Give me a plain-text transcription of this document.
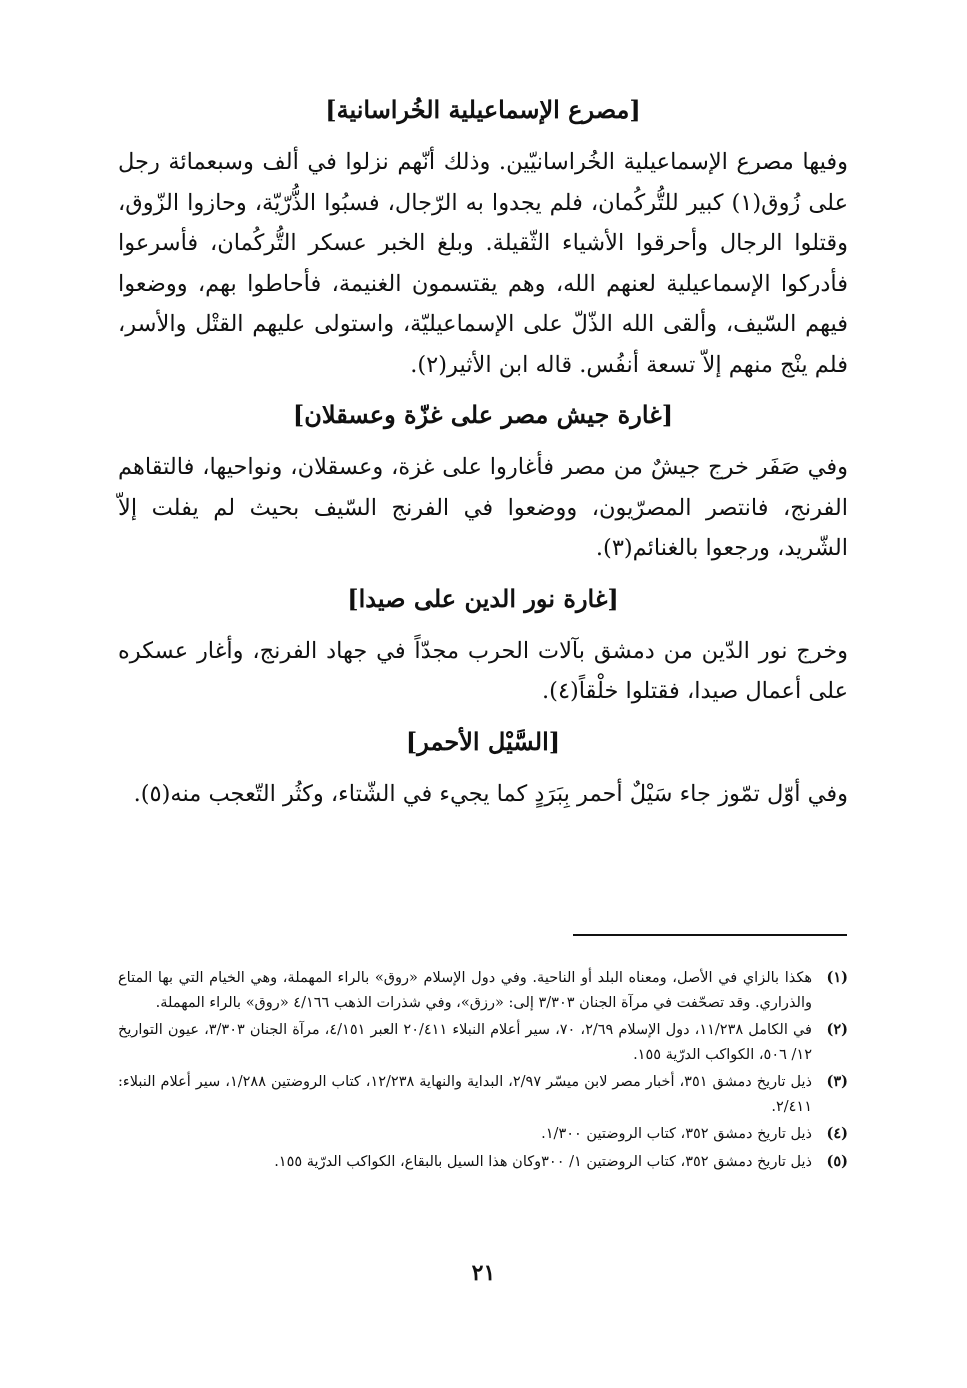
[مصرع الإسماعيلية الخُراسانية]

وفيها مصرع الإسماعيلية الخُراسانيّين. وذلك أنّهم نزلوا في ألف وسبعمائة رجل على زُوق(١) كبير للتُّركُمان، فلم يجدوا به الرّجال، فسبُوا الذُّرّيّة، وحازوا الزّوق، وقتلوا الرجال وأحرقوا الأشياء الثّقيلة. وبلغ الخبر عسكر التُّركُمان، فأسرعوا فأدركوا الإسماعيلية لعنهم الله، وهم يقتسمون الغنيمة، فأحاطوا بهم، ووضعوا فيهم السّيف، وألقى الله الذّلّ على الإسماعيليّة، واستولى عليهم القتْل والأسر، فلم ينْج منهم إلاّ تسعة أنفُس. قاله ابن الأثير(٢).

[غارة جيش مصر على غزّة وعسقلان]

وفي صَفَر خرج جيشٌ من مصر فأغاروا على غزة، وعسقلان، ونواحيها، فالتقاهم الفرنج، فانتصر المصرّيون، ووضعوا في الفرنج السّيف بحيث لم يفلت إلاّ الشّريد، ورجعوا بالغنائم(٣).

[غارة نور الدين على صيدا]

وخرج نور الدّين من دمشق بآلات الحرب مجدّاً في جهاد الفرنج، وأغار عسكره على أعمال صيدا، فقتلوا خلْقاً(٤).

[السَّيْل الأحمر]

وفي أوّل تمّوز جاء سَيْلٌ أحمر بِبَرَدٍ كما يجيء في الشّتاء، وكثُر التّعجب منه(٥).

(١)
هكذا بالزاي في الأصل، ومعناه البلد أو الناحية. وفي دول الإسلام «روق» بالراء المهملة، وهي الخيام التي بها المتاع والذراري. وقد تصحّفت في مرآة الجنان ٣/٣٠٣ إلى: «رزق»، وفي شذرات الذهب ٤/١٦٦ «روق» بالراء المهملة.
(٢)
في الكامل ١١/٢٣٨، دول الإسلام ٢/٦٩، ٧٠، سير أعلام النبلاء ٢٠/٤١١ العبر ٤/١٥١، مرآة الجنان ٣/٣٠٣، عيون التواريخ ١٢/ ٥٠٦، الكواكب الدرّية ١٥٥.
(٣)
ذيل تاريخ دمشق ٣٥١، أخبار مصر لابن ميسّر ٢/٩٧، البداية والنهاية ١٢/٢٣٨، كتاب الروضتين ١/٢٨٨، سير أعلام النبلاء: ٢/٤١١.
(٤)
ذيل تاريخ دمشق ٣٥٢، كتاب الروضتين ١/٣٠٠.
(٥)
ذيل تاريخ دمشق ٣٥٢، كتاب الروضتين ١/ ٣٠٠وكان هذا السيل بالبقاع، الكواكب الدرّية ١٥٥.
٢١
